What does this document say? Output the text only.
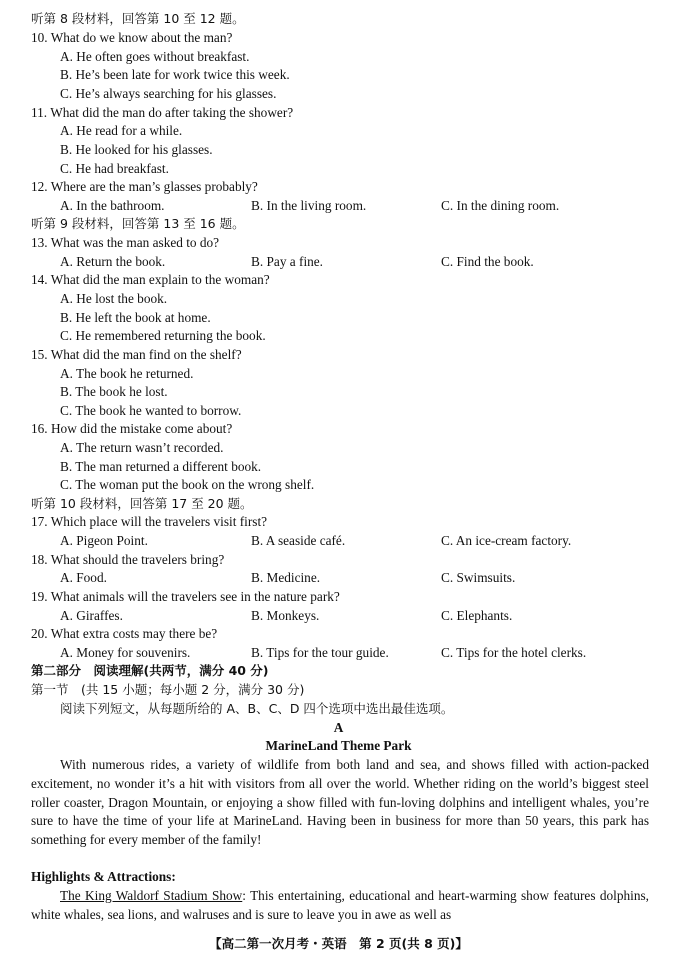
听第 8 段材料，回答第 10 至 12 题。
10. What do we know about the man?
A. He often goes without breakfast.
B. He’s been late for work twice this week.
C. He’s always searching for his glasses.
11. What did the man do after taking the shower?
A. He read for a while.
B. He looked for his glasses.
C. He had breakfast.
12. Where are the man’s glasses probably?
A. In the bathroom.	B. In the living room.	C. In the dining room.
听第 9 段材料，回答第 13 至 16 题。
13. What was the man asked to do?
A. Return the book.	B. Pay a fine.	C. Find the book.
14. What did the man explain to the woman?
A. He lost the book.
B. He left the book at home.
C. He remembered returning the book.
15. What did the man find on the shelf?
A. The book he returned.
B. The book he lost.
C. The book he wanted to borrow.
16. How did the mistake come about?
A. The return wasn’t recorded.
B. The man returned a different book.
C. The woman put the book on the wrong shelf.
听第 10 段材料，回答第 17 至 20 题。
17. Which place will the travelers visit first?
A. Pigeon Point.	B. A seaside café.	C. An ice-cream factory.
18. What should the travelers bring?
A. Food.	B. Medicine.	C. Swimsuits.
19. What animals will the travelers see in the nature park?
A. Giraffes.	B. Monkeys.	C. Elephants.
20. What extra costs may there be?
A. Money for souvenirs.	B. Tips for the tour guide.	C. Tips for the hotel clerks.
第二部分　阅读理解(共两节，满分 40 分)
第一节　(共 15 小题；每小题 2 分，满分 30 分)
阅读下列短文，从每题所给的 A、B、C、D 四个选项中选出最佳选项。
A
MarineLand Theme Park
With numerous rides, a variety of wildlife from both land and sea, and shows filled with action-packed excitement, no wonder it’s a hit with visitors from all over the world. Whether riding on the world’s biggest steel roller coaster, Dragon Mountain, or enjoying a show filled with fun-loving dolphins and intelligent whales, you’re sure to have the time of your life at MarineLand. Having been in business for more than 50 years, this park has something for every member of the family!
Highlights & Attractions:
The King Waldorf Stadium Show: This entertaining, educational and heart-warming show features dolphins, white whales, sea lions, and walruses and is sure to leave you in awe as well as
【高二第一次月考・英语　第 2 页(共 8 页)】
